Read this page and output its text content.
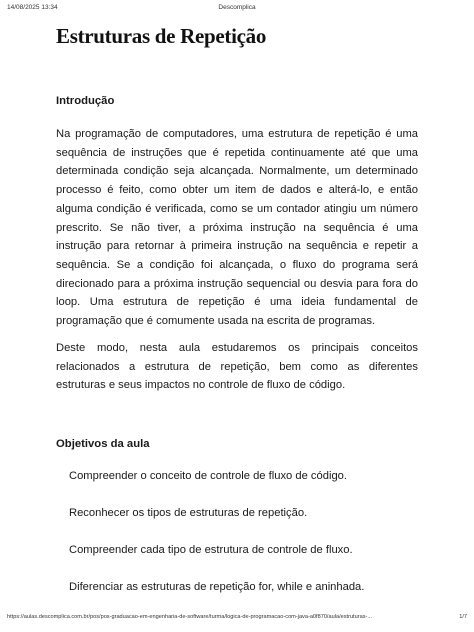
14/08/2025 13:34	Descomplica
Estruturas de Repetição
Introdução

Na programação de computadores, uma estrutura de repetição é uma sequência de instruções que é repetida continuamente até que uma determinada condição seja alcançada. Normalmente, um determinado processo é feito, como obter um item de dados e alterá-lo, e então alguma condição é verificada, como se um contador atingiu um número prescrito. Se não tiver, a próxima instrução na sequência é uma instrução para retornar à primeira instrução na sequência e repetir a sequência. Se a condição foi alcançada, o fluxo do programa será direcionado para a próxima instrução sequencial ou desvia para fora do loop. Uma estrutura de repetição é uma ideia fundamental de programação que é comumente usada na escrita de programas.

Deste modo, nesta aula estudaremos os principais conceitos relacionados a estrutura de repetição, bem como as diferentes estruturas e seus impactos no controle de fluxo de código.

Objetivos da aula

Compreender o conceito de controle de fluxo de código.

Reconhecer os tipos de estruturas de repetição.

Compreender cada tipo de estrutura de controle de fluxo.

Diferenciar as estruturas de repetição for, while e aninhada.

https://aulas.descomplica.com.br/pos/pos-graduacao-em-engenharia-de-software/turma/logica-de-programacao-com-java-a0f870/aula/estruturas-...	1/7
